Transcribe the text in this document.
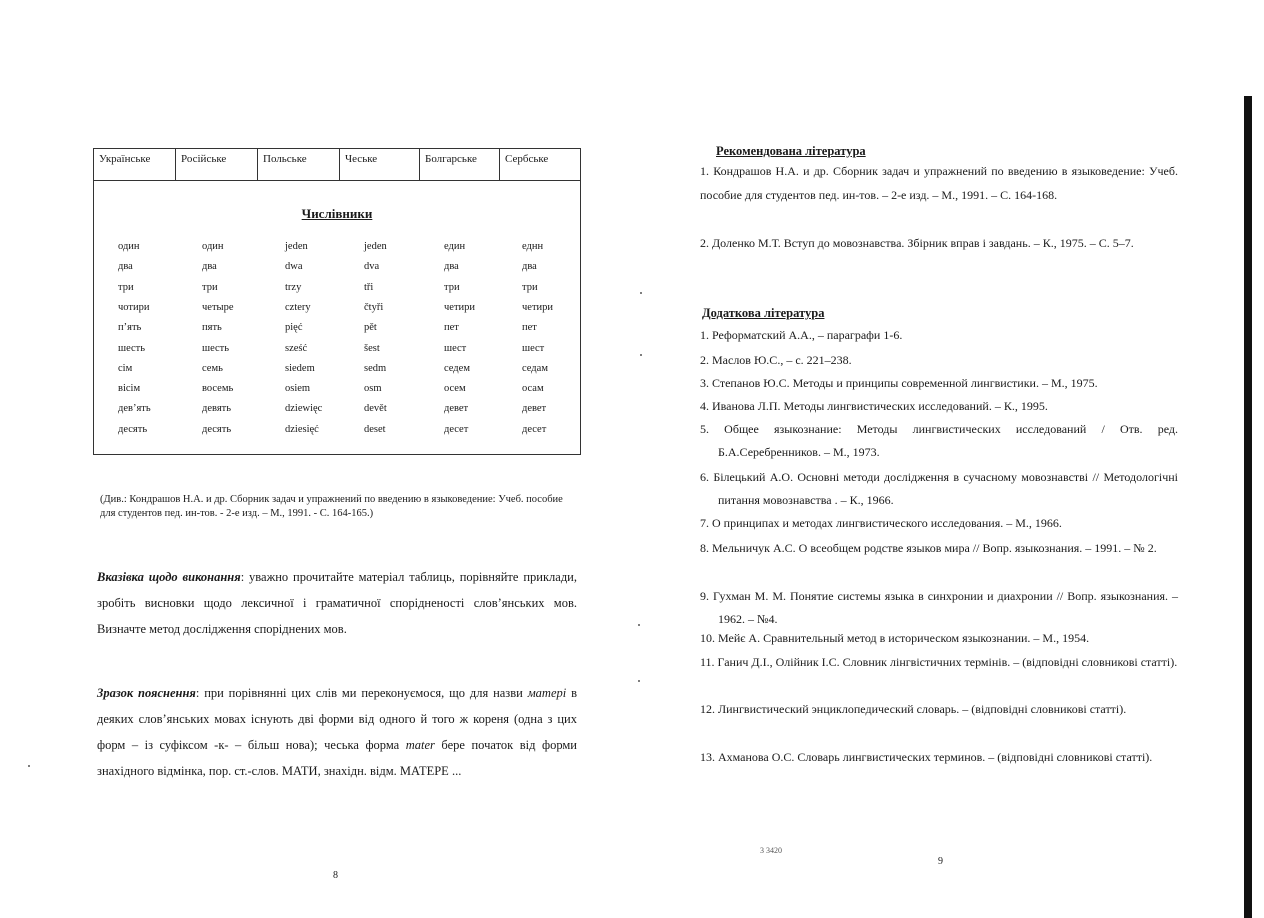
Українське	Російське	Польське	Чеське	Болгарське	Сербське
Числівники
один	один	jeden	jeden	един	еднн
два	два	dwa	dva	два	два
три	три	trzy	tři	три	три
чотири	четыре	cztery	čtyři	четири	четири
п’ять	пять	pięć	pět	пет	пет
шесть	шесть	sześć	šest	шест	шест
сім	семь	siedem	sedm	седем	седам
вісім	восемь	osiem	osm	осем	осам
дев’ять	девять	dziewięc	devět	девет	девет
десять	десять	dziesięć	deset	десет	десет
(Див.: Кондрашов Н.А. и др. Сборник задач и упражнений по введению в языковедение: Учеб. пособие для студентов пед. ин-тов. - 2-е изд. – М., 1991. - С. 164-165.)
Вказівка щодо виконання: уважно прочитайте матеріал таблиць, порівняйте приклади, зробіть висновки щодо лексичної і граматичної спорідненості слов’янських мов. Визначте метод дослідження споріднених мов.
Зразок пояснення: при порівнянні цих слів ми переконуємося, що для назви матері в деяких слов’янських мовах існують дві форми від одного й того ж кореня (одна з цих форм – із суфіксом -к- – більш нова); чеська форма mater бере початок від форми знахідного відмінка, пор. ст.-слов. МАТИ, знахідн. відм. МАТЕРЕ ...
8
Рекомендована література
1. Кондрашов Н.А. и др. Сборник задач и упражнений по введению в языковедение: Учеб. пособие для студентов пед. ин-тов. – 2-е изд. – М., 1991. – С. 164-168.
2. Доленко М.Т. Вступ до мовознавства. Збірник вправ і завдань. – К., 1975. – С. 5–7.
Додаткова література
1. Реформатский А.А., – параграфи 1-6.
2. Маслов Ю.С., – с. 221–238.
3. Степанов Ю.С. Методы и принципы современной лингвистики. – М., 1975.
4. Иванова Л.П. Методы лингвистических исследований. – К., 1995.
5. Общее языкознание: Методы лингвистических исследований / Отв. ред. Б.А.Серебренников. – М., 1973.
6. Білецький А.О. Основні методи дослідження в сучасному мовознавстві // Методологічні питання мовознавства . – К., 1966.
7. О принципах и методах лингвистического исследования. – М., 1966.
8. Мельничук А.С. О всеобщем родстве языков мира // Вопр. языкознания. – 1991. – № 2.
9. Гухман М. М. Понятие системы языка в синхронии и диахронии // Вопр. языкознания. – 1962. – №4.
10. Мейє А. Сравнительный метод в историческом языкознании. – М., 1954.
11. Ганич Д.І., Олійник І.С. Словник лінгвістичних термінів. – (відповідні словникові статті).
12. Лингвистический энциклопедический словарь. – (відповідні словникові статті).
13. Ахманова О.С. Словарь лингвистических терминов. – (відповідні словникові статті).
3 3420
9
